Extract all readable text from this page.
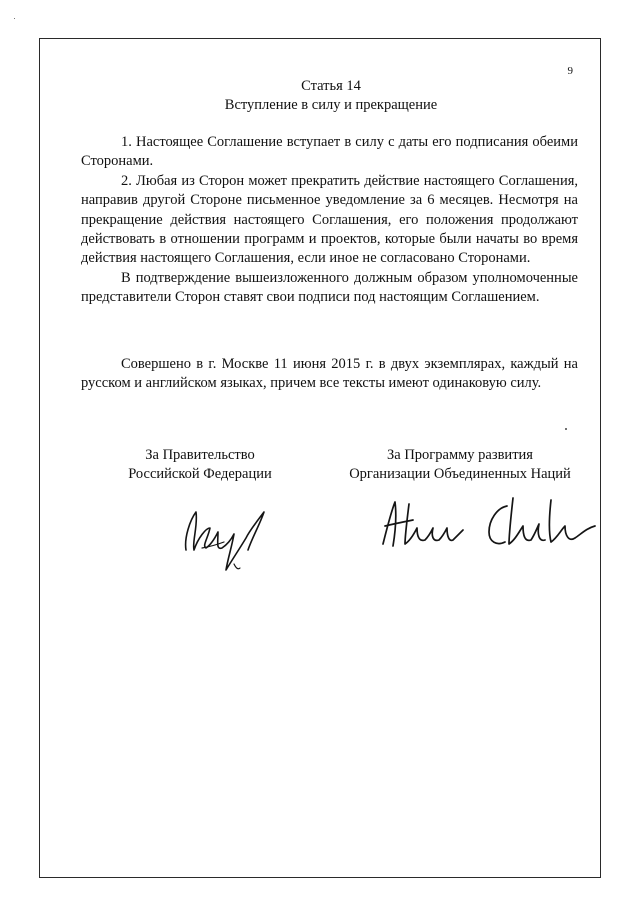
9
Статья 14
Вступление в силу и прекращение

1. Настоящее Соглашение вступает в силу с даты его подписания обеими Сторонами.

2. Любая из Сторон может прекратить действие настоящего Соглашения, направив другой Стороне письменное уведомление за 6 месяцев. Несмотря на прекращение действия настоящего Соглашения, его положения продолжают действовать в отношении программ и проектов, которые были начаты во время действия настоящего Соглашения, если иное не согласовано Сторонами.

В подтверждение вышеизложенного должным образом уполномоченные представители Сторон ставят свои подписи под настоящим Соглашением.

Совершено в г. Москве 11 июня 2015 г. в двух экземплярах, каждый на русском и английском языках, причем все тексты имеют одинаковую силу.

За Правительство
Российской Федерации
За Программу развития
Организации Объединенных Наций
